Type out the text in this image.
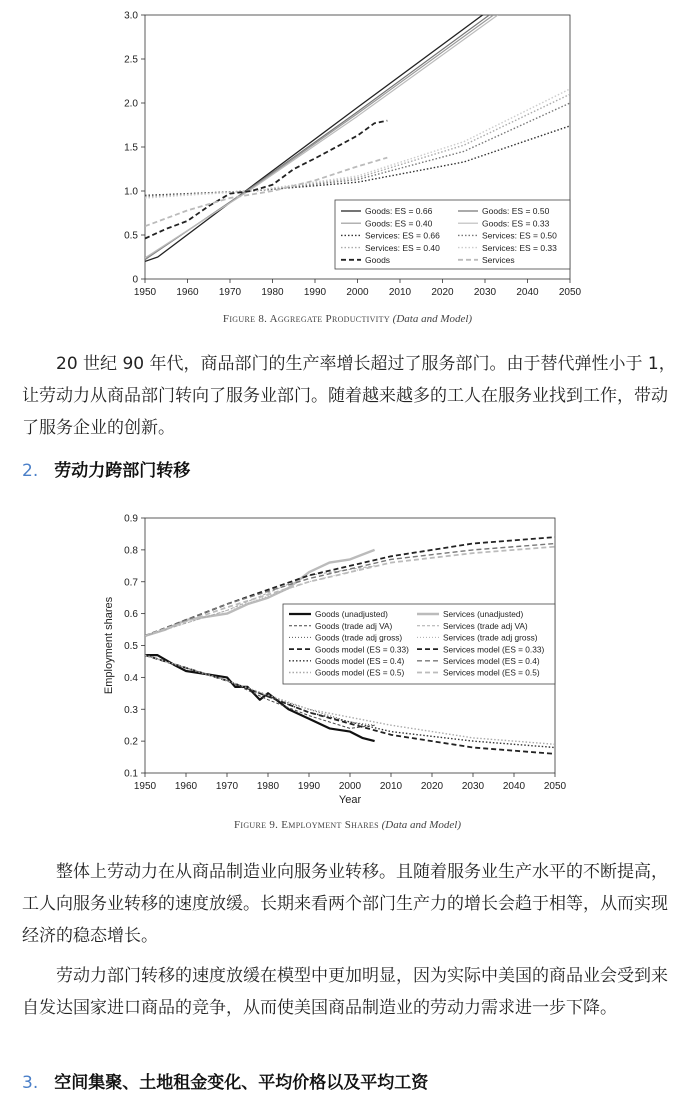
1950 1960 1970 1980 1990 2000 2010 2020 2030 2040 2050
0
0.5
1.0
1.5
2.0
2.5
3.0
Goods: ES = 0.66	Goods: ES = 0.50
Goods: ES = 0.40	Goods: ES = 0.33
Services: ES = 0.66	Services: ES = 0.50
Services: ES = 0.40	Services: ES = 0.33
Goods	Services
Figure 8. Aggregate Productivity (Data and Model)

20 世纪 90 年代，商品部门的生产率增长超过了服务部门。由于替代弹性小于 1，让劳动力从商品部门转向了服务业部门。随着越来越多的工人在服务业找到工作，带动了服务企业的创新。

2. 劳动力跨部门转移
1950 1960 1970 1980 1990 2000 2010 2020 2030 2040 2050
0.1
0.2
0.3
0.4
0.5
0.6
0.7
0.8
0.9
Year
Employment shares	Goods (unadjusted)	Services (unadjusted)
Goods (trade adj VA)	Services (trade adj VA)
Goods (trade adj gross)	Services (trade adj gross)
Goods model (ES = 0.33)	Services model (ES = 0.33)
Goods model (ES = 0.4)	Services model (ES = 0.4)
Goods model (ES = 0.5)	Services model (ES = 0.5)
Figure 9. Employment Shares (Data and Model)

整体上劳动力在从商品制造业向服务业转移。且随着服务业生产水平的不断提高，工人向服务业转移的速度放缓。长期来看两个部门生产力的增长会趋于相等，从而实现经济的稳态增长。

劳动力部门转移的速度放缓在模型中更加明显，因为实际中美国的商品业会受到来自发达国家进口商品的竞争，从而使美国商品制造业的劳动力需求进一步下降。

3. 空间集聚、土地租金变化、平均价格以及平均工资
